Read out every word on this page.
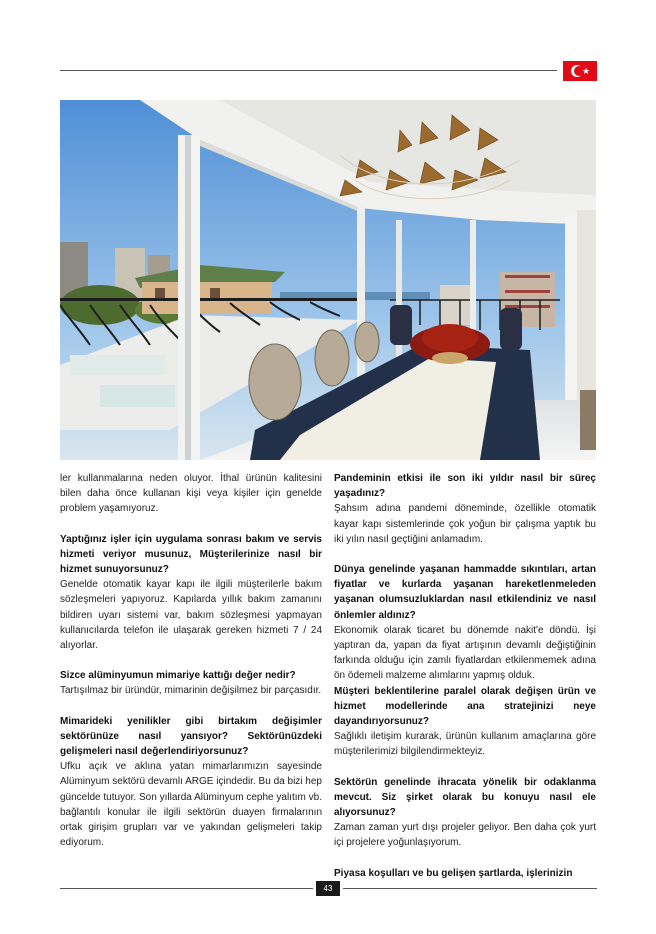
★

ler kullanmalarına neden oluyor. İthal ürünün kalitesini bilen daha önce kullanan kişi veya kişiler için genelde problem yaşamıyoruz.

Yaptığınız işler için uygulama sonrası bakım ve servis hizmeti veriyor musunuz, Müşterilerinize nasıl bir hizmet sunuyorsunuz?

Genelde otomatik kayar kapı ile ilgili müşterilerle bakım sözleşmeleri yapıyoruz. Kapılarda yıllık bakım zamanını bildiren uyarı sistemi var, bakım sözleşmesi yapmayan kullanıcılarda telefon ile ulaşarak gereken hizmeti 7 / 24 alıyorlar.

Sizce alüminyumun mimariye kattığı değer nedir?

Tartışılmaz bir üründür, mimarinin değişilmez bir parçasıdır.

Mimarideki yenilikler gibi birtakım değişimler sektörünüze nasıl yansıyor? Sektörünüzdeki gelişmeleri nasıl değerlendiriyorsunuz?

Ufku açık ve aklına yatan mimarlarımızın sayesinde Alüminyum sektörü devamlı ARGE içindedir. Bu da bizi hep güncelde tutuyor. Son yıllarda Alüminyum cephe yalıtım vb. bağlantılı konular ile ilgili sektörün duayen firmalarının ortak girişim grupları var ve yakından gelişmeleri takip ediyorum.

Pandeminin etkisi ile son iki yıldır nasıl bir süreç yaşadınız?

Şahsım adına pandemi döneminde, özellikle otomatik kayar kapı sistemlerinde çok yoğun bir çalışma yaptık bu iki yılın nasıl geçtiğini anlamadım.

Dünya genelinde yaşanan hammadde sıkıntıları, artan fiyatlar ve kurlarda yaşanan hareketlenmeleden yaşanan olumsuzluklardan nasıl etkilendiniz ve nasıl önlemler aldınız?

Ekonomik olarak ticaret bu dönemde nakit'e döndü. İşi yaptıran da, yapan da fiyat artışının devamlı değiştiğinin farkında olduğu için zamlı fiyatlardan etkilenmemek adına ön ödemeli malzeme alımlarını yapmış olduk.

Müşteri beklentilerine paralel olarak değişen ürün ve hizmet modellerinde ana stratejinizi neye dayandırıyorsunuz?

Sağlıklı iletişim kurarak, ürünün kullanım amaçlarına göre müşterilerimizi bilgilendirmekteyiz.

Sektörün genelinde ihracata yönelik bir odaklanma mevcut. Siz şirket olarak bu konuyu nasıl ele alıyorsunuz?

Zaman zaman yurt dışı projeler geliyor. Ben daha çok yurt içi projelere yoğunlaşıyorum.

Piyasa koşulları ve bu gelişen şartlarda, işlerinizin

43
